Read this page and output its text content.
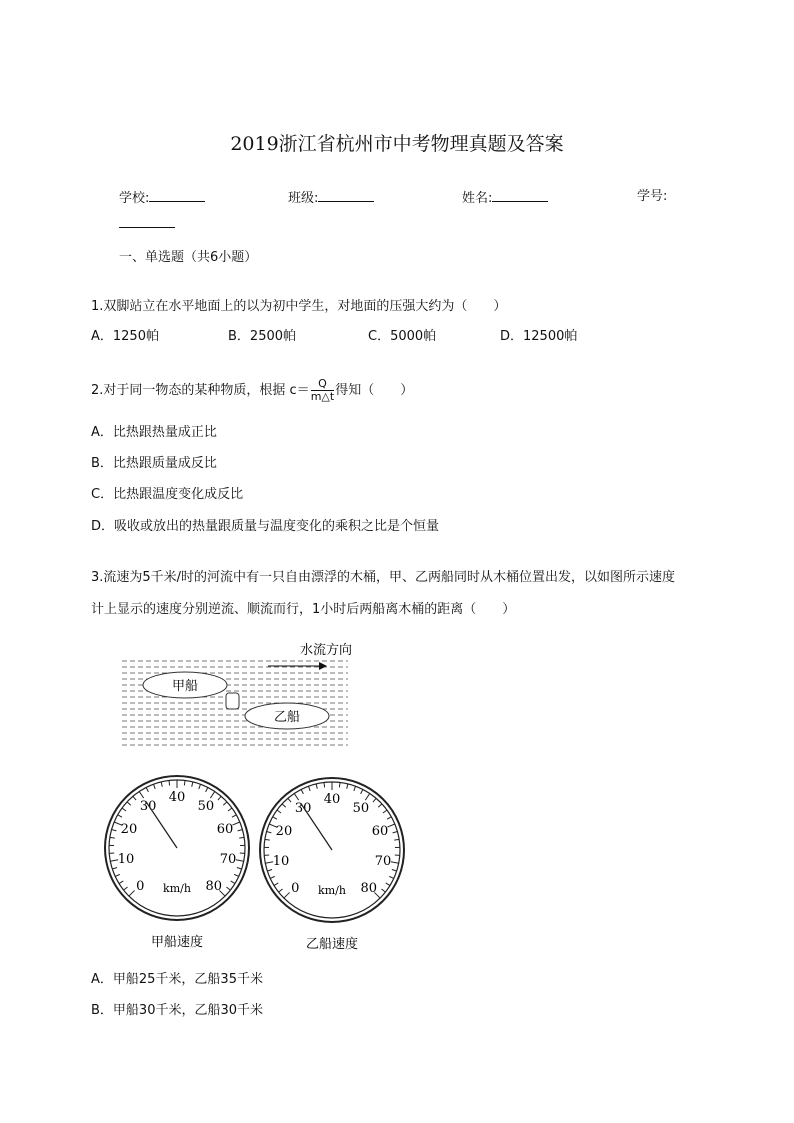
2019浙江省杭州市中考物理真题及答案
学校:	班级:	姓名:	学号:
一、单选题（共6小题）
1.双脚站立在水平地面上的以为初中学生，对地面的压强大约为（　　）
A．1250帕	B．2500帕	C．5000帕	D．12500帕
2.对于同一物态的某种物质，根据 $c= \frac{Q}{m\triangle t}$ 得知（　　）
A．比热跟热量成正比
B．比热跟质量成反比
C．比热跟温度变化成反比
D．吸收或放出的热量跟质量与温度变化的乘积之比是个恒量
3.流速为5千米/时的河流中有一只自由漂浮的木桶，甲、乙两船同时从木桶位置出发，以如图所示速度
计上显示的速度分别逆流、顺流而行，1小时后两船离木桶的距离（　　）
水流方向
甲船
乙船
0
10
20
30
40
50
60
70
80
km/h	0
10
20
30
40
50
60
70
80
km/h
甲船速度	乙船速度
A．甲船25千米，乙船35千米
B．甲船30千米，乙船30千米
